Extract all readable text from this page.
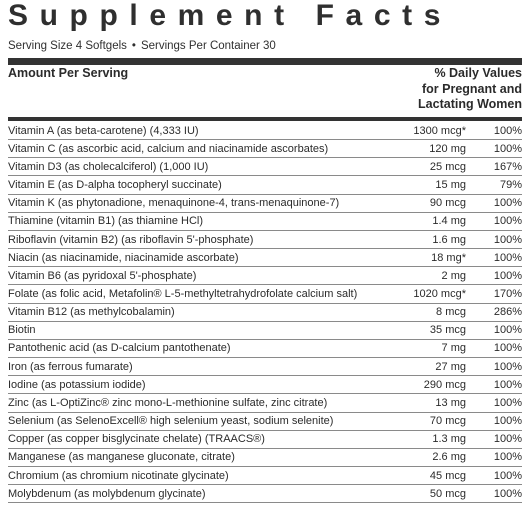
Supplement Facts
Serving Size 4 Softgels • Servings Per Container 30
Amount Per Serving	% Daily Values
for Pregnant and
Lactating Women
Vitamin A (as beta-carotene) (4,333 IU)	1300 mcg*	100%
Vitamin C (as ascorbic acid, calcium and niacinamide ascorbates)	120 mg	100%
Vitamin D3 (as cholecalciferol) (1,000 IU)	25 mcg	167%
Vitamin E (as D-alpha tocopheryl succinate)	15 mg	79%
Vitamin K (as phytonadione, menaquinone-4, trans-menaquinone-7)	90 mcg	100%
Thiamine (vitamin B1) (as thiamine HCl)	1.4 mg	100%
Riboflavin (vitamin B2) (as riboflavin 5'-phosphate)	1.6 mg	100%
Niacin (as niacinamide, niacinamide ascorbate)	18 mg*	100%
Vitamin B6 (as pyridoxal 5'-phosphate)	2 mg	100%
Folate (as folic acid, Metafolin® L-5-methyltetrahydrofolate calcium salt)	1020 mcg*	170%
Vitamin B12 (as methylcobalamin)	8 mcg	286%
Biotin	35 mcg	100%
Pantothenic acid (as D-calcium pantothenate)	7 mg	100%
Iron (as ferrous fumarate)	27 mg	100%
Iodine (as potassium iodide)	290 mcg	100%
Zinc (as L-OptiZinc® zinc mono-L-methionine sulfate, zinc citrate)	13 mg	100%
Selenium (as SelenoExcell® high selenium yeast, sodium selenite)	70 mcg	100%
Copper (as copper bisglycinate chelate) (TRAACS®)	1.3 mg	100%
Manganese (as manganese gluconate, citrate)	2.6 mg	100%
Chromium (as chromium nicotinate glycinate)	45 mcg	100%
Molybdenum (as molybdenum glycinate)	50 mcg	100%
